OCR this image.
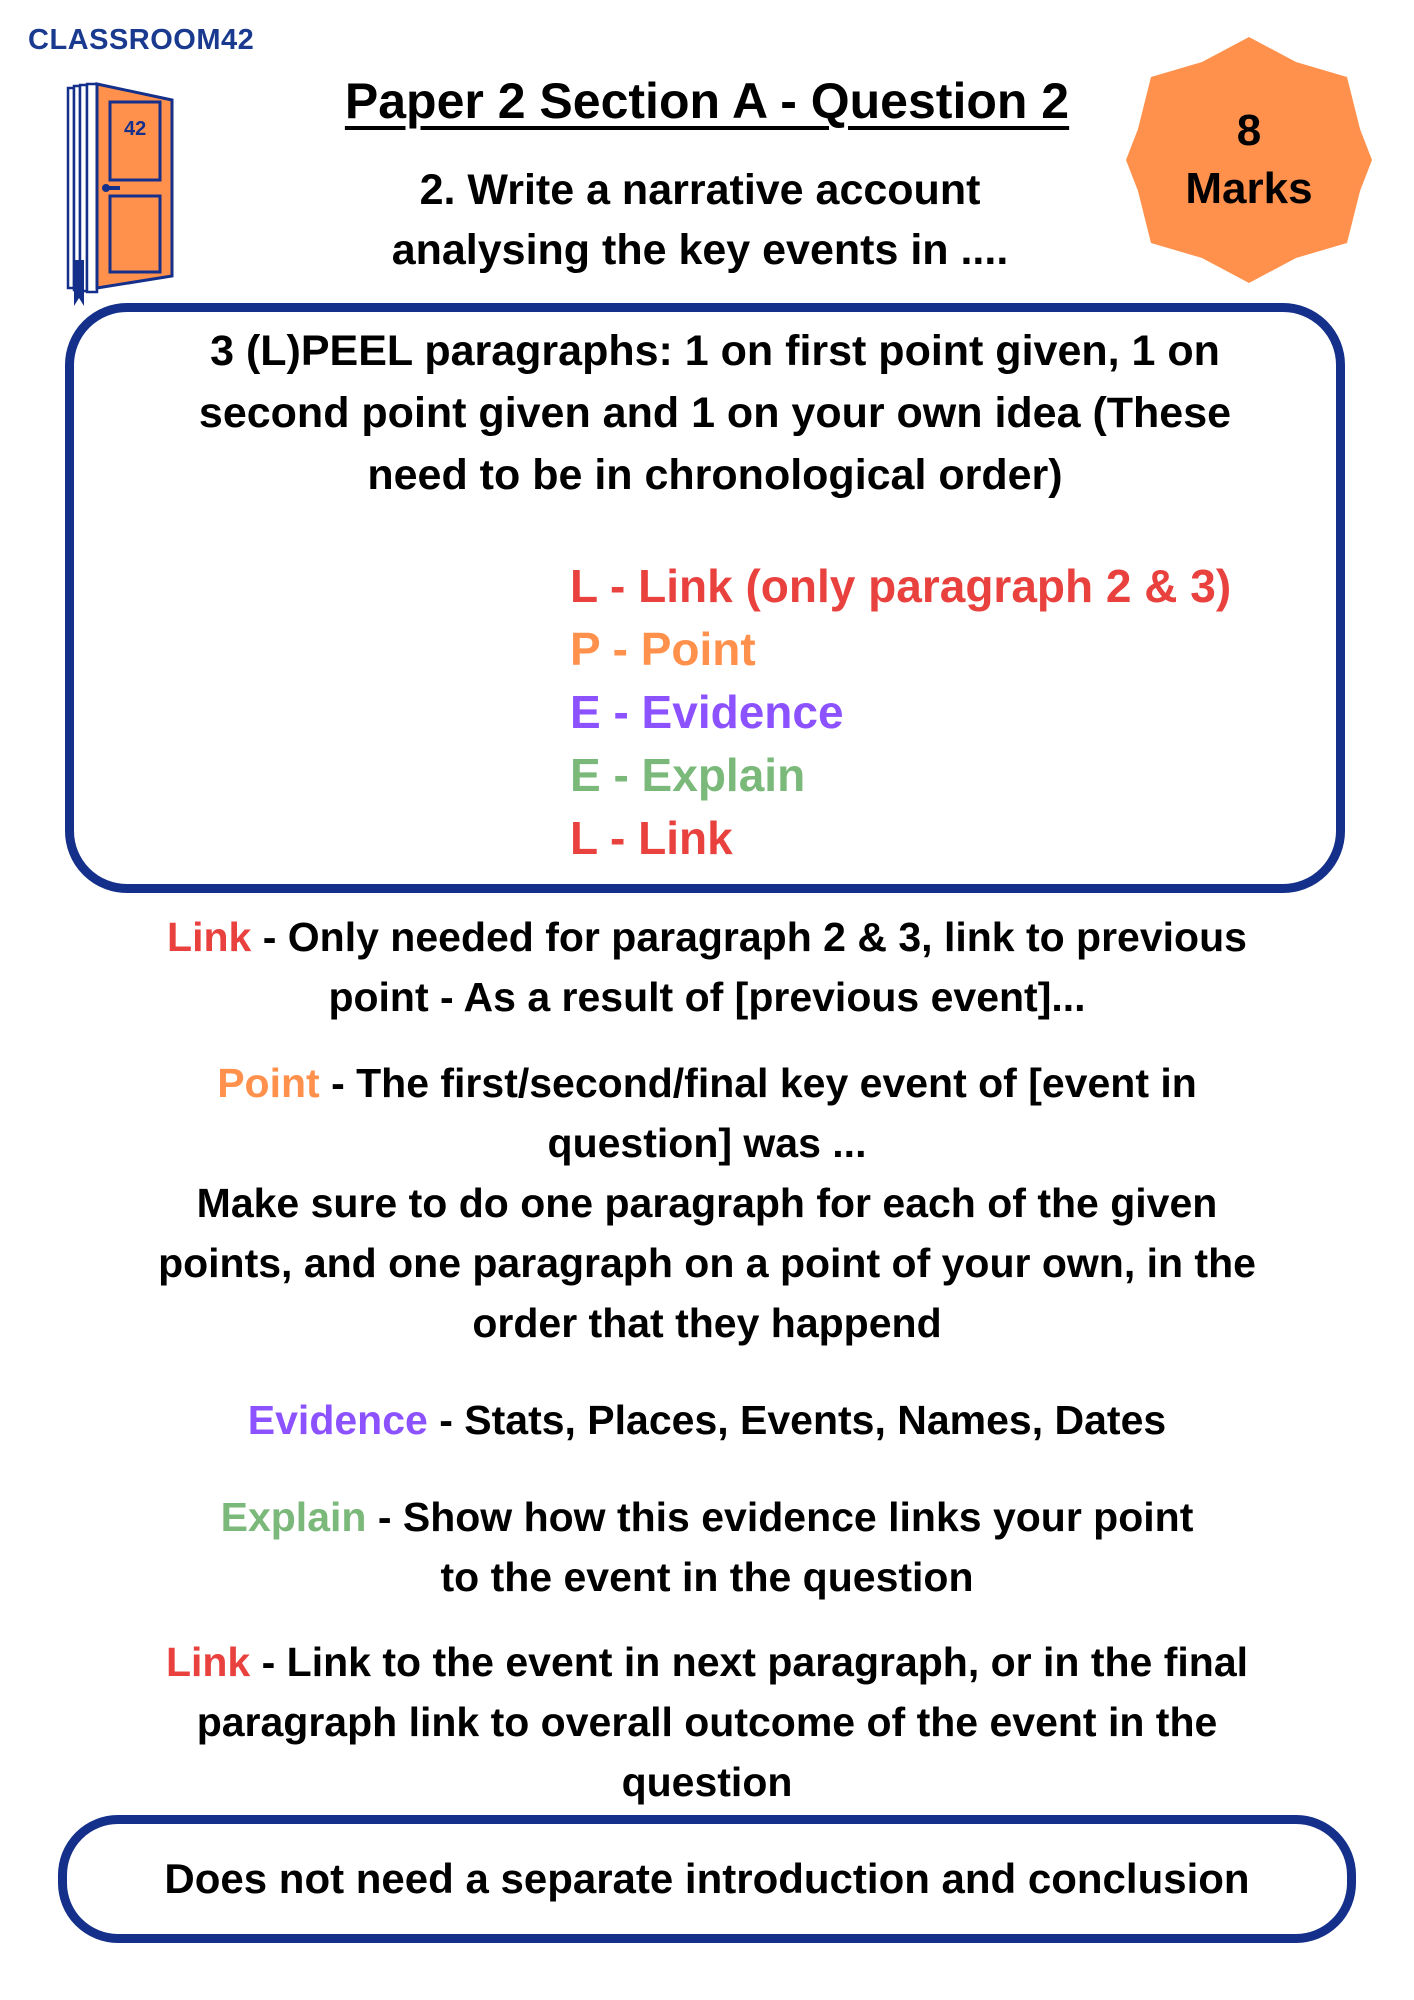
CLASSROOM42
42	Paper 2 Section A - Question 2
2. Write a narrative account
analysing the key events in ....
8
Marks
3 (L)PEEL paragraphs: 1 on first point given, 1 on
second point given and 1 on your own idea (These
need to be in chronological order)
L - Link (only paragraph 2 & 3)
P - Point
E - Evidence
E - Explain
L - Link
Link - Only needed for paragraph 2 & 3, link to previous
point - As a result of [previous event]...
Point - The first/second/final key event of [event in
question] was ...
Make sure to do one paragraph for each of the given
points, and one paragraph on a point of your own, in the
order that they happend
Evidence - Stats, Places, Events, Names, Dates
Explain - Show how this evidence links your point
to the event in the question
Link - Link to the event in next paragraph, or in the final
paragraph link to overall outcome of the event in the
question
Does not need a separate introduction and conclusion
